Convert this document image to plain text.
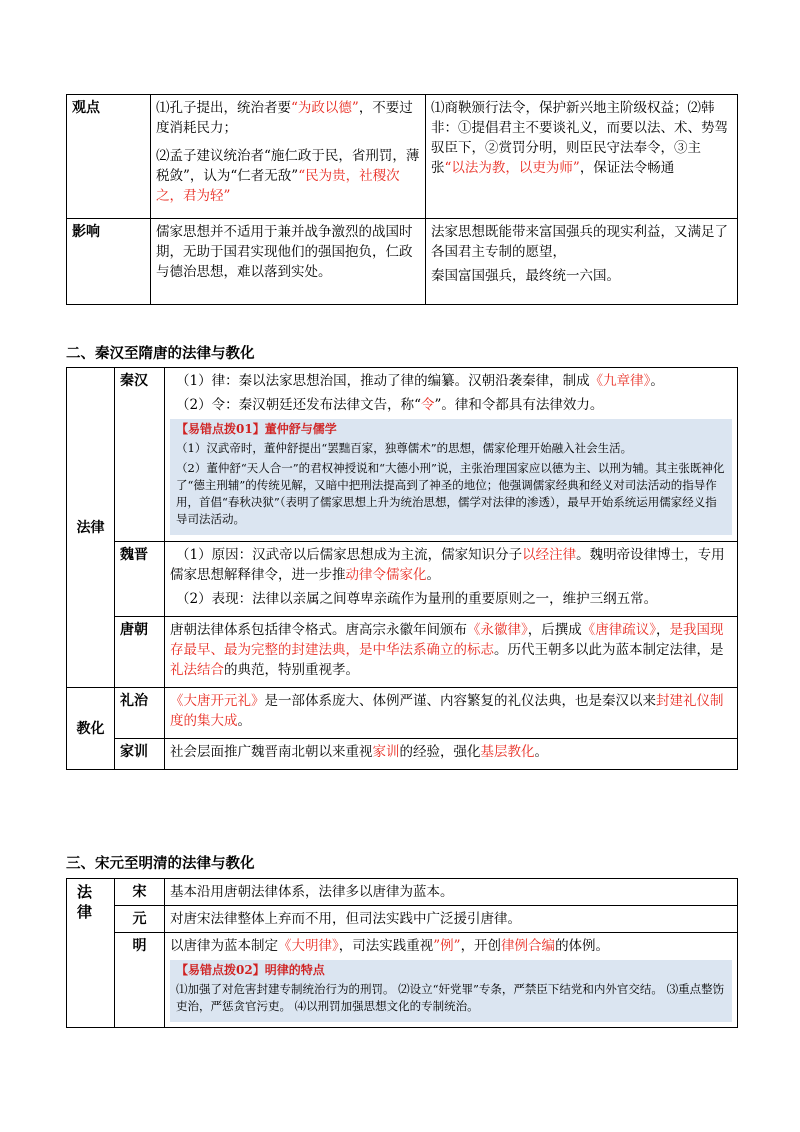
观点	⑴孔子提出，统治者要“为政以德”，不要过度消耗民力；

⑵孟子建议统治者“施仁政于民，省刑罚，薄税敛”，认为“仁者无敌”“民为贵，社稷次之，君为轻”	⑴商鞅颁行法令，保护新兴地主阶级权益；⑵韩非：①提倡君主不要谈礼义，而要以法、术、势驾驭臣下，②赏罚分明，则臣民守法奉令，③主张“以法为教，以吏为师”，保证法令畅通

影响	儒家思想并不适用于兼并战争激烈的战国时期，无助于国君实现他们的强国抱负，仁政与德治思想，难以落到实处。	法家思想既能带来富国强兵的现实利益，又满足了各国君主专制的愿望，

秦国富国强兵，最终统一六国。

二、秦汉至隋唐的法律与教化
法律	秦汉	（1）律：秦以法家思想治国，推动了律的编纂。汉朝沿袭秦律，制成《九章律》。

（2）令：秦汉朝廷还发布法律文告，称“令”。律和令都具有法律效力。

【易错点拨01】董仲舒与儒学

（1）汉武帝时，董仲舒提出“罢黜百家，独尊儒术”的思想，儒家伦理开始融入社会生活。

（2）董仲舒“天人合一”的君权神授说和“大德小刑”说，主张治理国家应以德为主、以刑为辅。其主张既神化了“德主刑辅”的传统见解，又暗中把刑法提高到了神圣的地位；他强调儒家经典和经义对司法活动的指导作用，首倡“春秋决狱”（表明了儒家思想上升为统治思想，儒学对法律的渗透），最早开始系统运用儒家经义指导司法活动。

	魏晋	（1）原因：汉武帝以后儒家思想成为主流，儒家知识分子以经注律。魏明帝设律博士，专用儒家思想解释律令，进一步推动律令儒家化。

（2）表现：法律以亲属之间尊卑亲疏作为量刑的重要原则之一，维护三纲五常。

	唐朝	唐朝法律体系包括律令格式。唐高宗永徽年间颁布《永徽律》，后撰成《唐律疏议》，是我国现存最早、最为完整的封建法典，是中华法系确立的标志。历代王朝多以此为蓝本制定法律，是礼法结合的典范，特别重视孝。

教化	礼治	《大唐开元礼》是一部体系庞大、体例严谨、内容繁复的礼仪法典，也是秦汉以来封建礼仪制度的集大成。

	家训	社会层面推广魏晋南北朝以来重视家训的经验，强化基层教化。

三、宋元至明清的法律与教化
法律	宋	基本沿用唐朝法律体系，法律多以唐律为蓝本。
	元	对唐宋法律整体上弃而不用，但司法实践中广泛援引唐律。
	明	以唐律为蓝本制定《大明律》，司法实践重视”例”，开创律例合编的体例。

【易错点拨02】明律的特点

⑴加强了对危害封建专制统治行为的刑罚。 ⑵设立“奸党罪”专条，严禁臣下结党和内外官交结。 ⑶重点整饬吏治，严惩贪官污吏。 ⑷以刑罚加强思想文化的专制统治。
